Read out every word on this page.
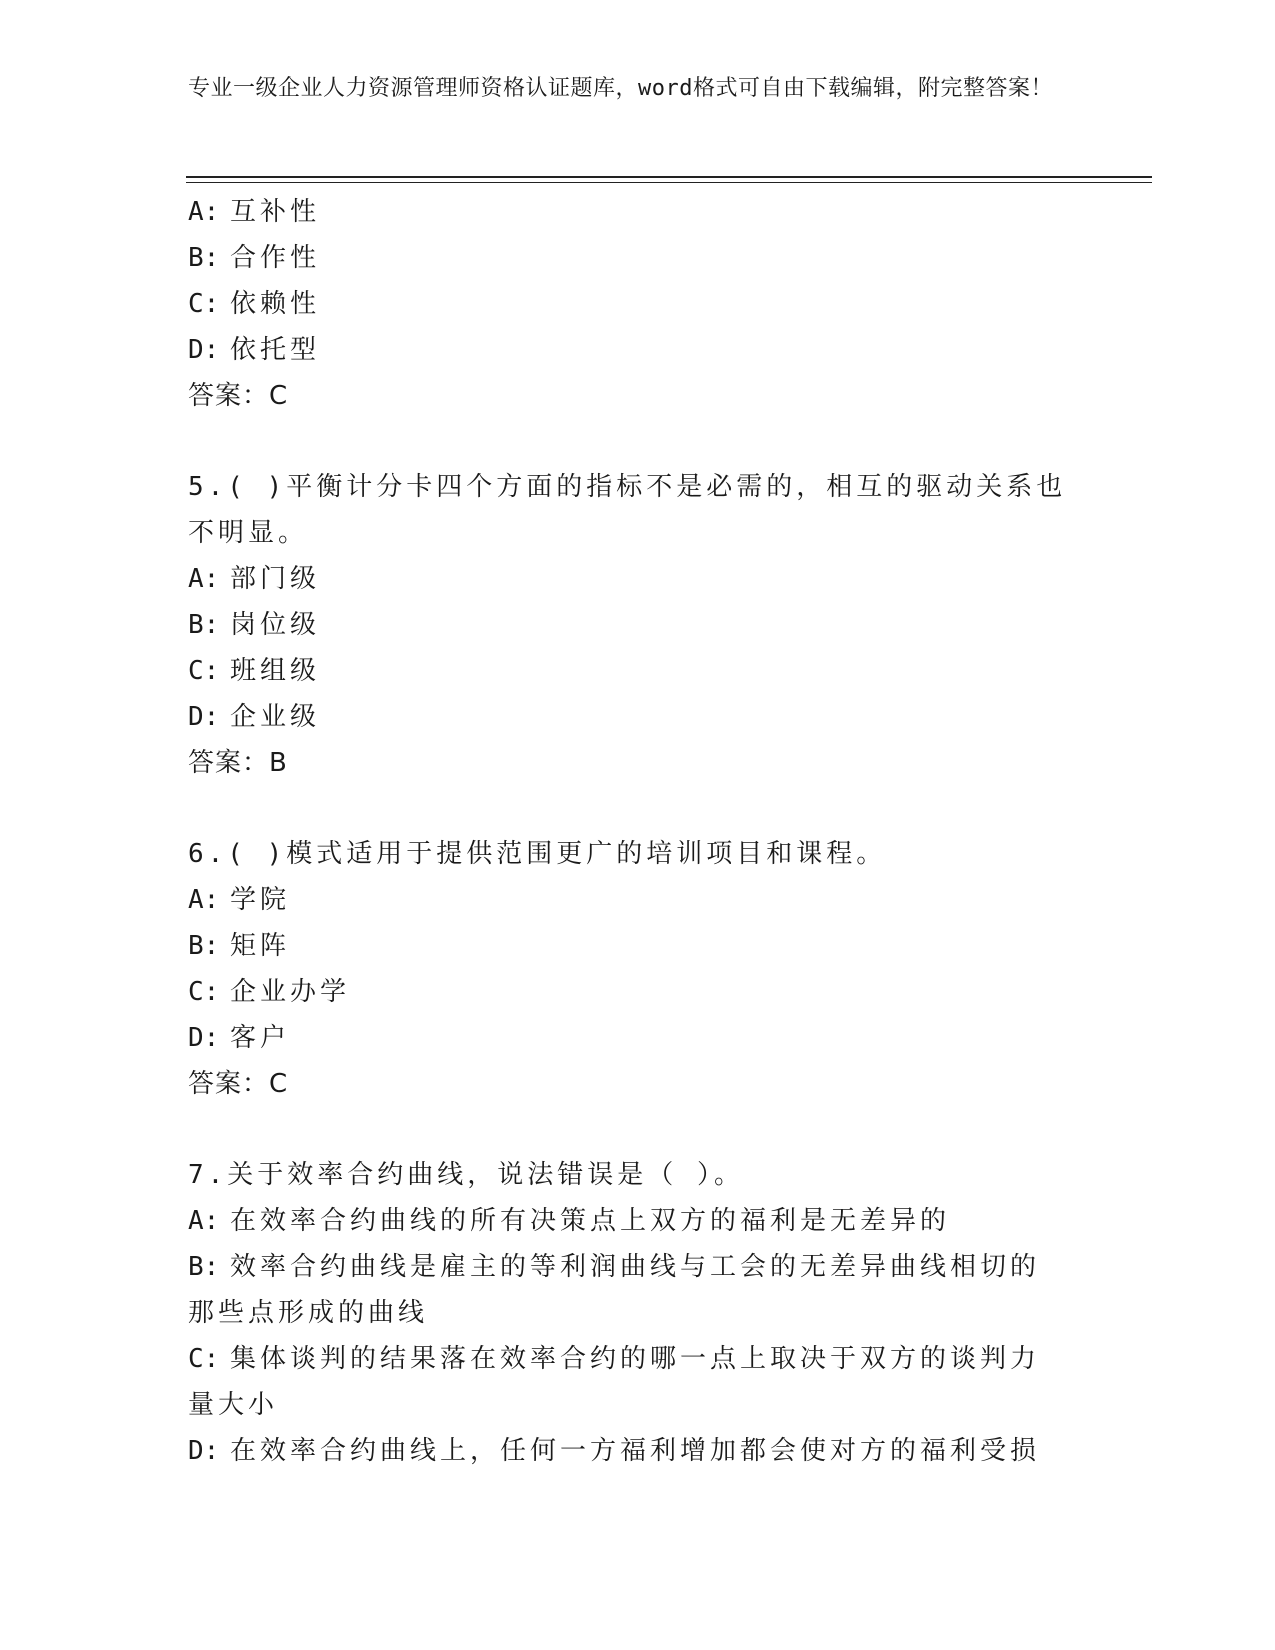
专业一级企业人力资源管理师资格认证题库，word格式可自由下载编辑，附完整答案！
A: 互补性
B: 合作性
C: 依赖性
D: 依托型
答案：C
5.( )平衡计分卡四个方面的指标不是必需的，相互的驱动关系也不明显。
A: 部门级
B: 岗位级
C: 班组级
D: 企业级
答案：B
6.( )模式适用于提供范围更广的培训项目和课程。
A: 学院
B: 矩阵
C: 企业办学
D: 客户
答案：C
7.关于效率合约曲线，说法错误是（ ）。
A: 在效率合约曲线的所有决策点上双方的福利是无差异的
B: 效率合约曲线是雇主的等利润曲线与工会的无差异曲线相切的那些点形成的曲线
C: 集体谈判的结果落在效率合约的哪一点上取决于双方的谈判力量大小
D: 在效率合约曲线上，任何一方福利增加都会使对方的福利受损
